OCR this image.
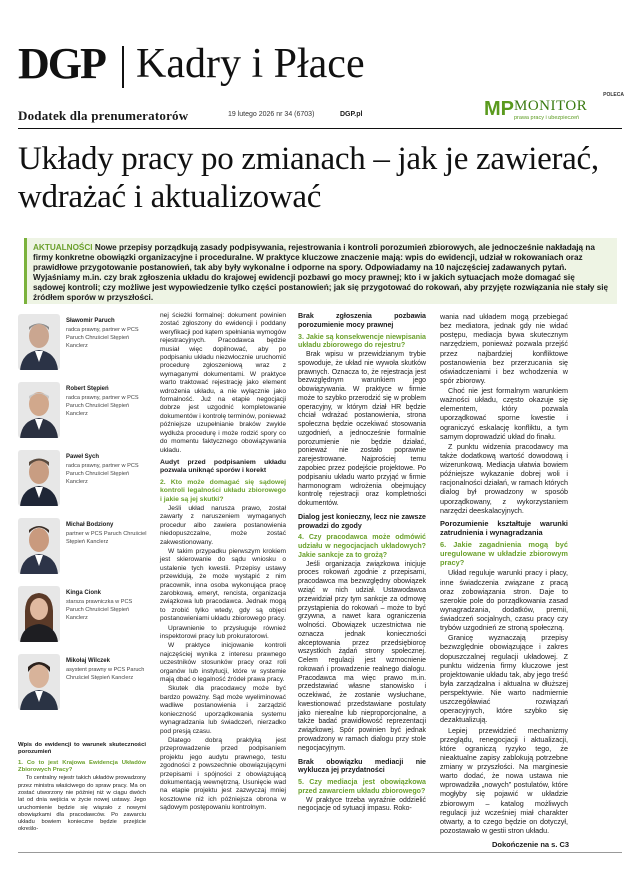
DGP Kadry i Płace
POLECA
MP MONITOR
prawa pracy i ubezpieczeń
Dodatek dla prenumeratorów	19 lutego 2026 nr 34 (6703)	DGP.pl
Układy pracy po zmianach – jak je zawierać, wdrażać i aktualizować

AKTUALNOŚCI Nowe przepisy porządkują zasady podpisywania, rejestrowania i kontroli porozumień zbiorowych, ale jednocześnie nakładają na firmy konkretne obowiązki organizacyjne i proceduralne. W praktyce kluczowe znaczenie mają: wpis do ewidencji, udział w rokowaniach oraz prawidłowe przygotowanie postanowień, tak aby były wykonalne i odporne na spory. Odpowiadamy na 10 najczęściej zadawanych pytań. Wyjaśniamy m.in. czy brak zgłoszenia układu do krajowej ewidencji pozbawi go mocy prawnej; kto i w jakich sytuacjach może domagać się sądowej kontroli; czy możliwe jest wypowiedzenie tylko części postanowień; jak się przygotować do rokowań, aby przyjęte rozwiązania nie stały się źródłem sporów w przyszłości.

Sławomir Paruch
radca prawny, partner w PCS Paruch Chruściel Stępień Kanclerz
Robert Stępień
radca prawny, partner w PCS Paruch Chruściel Stępień Kanclerz
Paweł Sych
radca prawny, partner w PCS Paruch Chruściel Stępień Kanclerz
Michał Bodziony
partner w PCS Paruch Chruściel Stępień Kanclerz
Kinga Cionk
starsza prawniczka w PCS Paruch Chruściel Stępień Kanclerz
Mikołaj Wilczek
asystent prawny w PCS Paruch Chruściel Stępień Kanclerz

Wpis do ewidencji to warunek skuteczności porozumień

1. Co to jest Krajowa Ewidencja Układów Zbiorowych Pracy?

To centralny rejestr takich układów prowadzony przez ministra właściwego do spraw pracy. Ma on zostać utworzony nie później niż w ciągu dwóch lat od dnia wejścia w życie nowej ustawy. Jego uruchomienie będzie się wiązało z nowymi obowiązkami dla pracodawców. Po zawarciu układu bowiem konieczne będzie przejście określo-

nej ścieżki formalnej: dokument powinien zostać zgłoszony do ewidencji i poddany weryfikacji pod kątem spełniania wymogów rejestracyjnych. Pracodawca będzie musiał więc dopilnować, aby po podpisaniu układu niezwłocznie uruchomić procedurę zgłoszeniową wraz z wymaganymi dokumentami. W praktyce warto traktować rejestrację jako element wdrożenia układu, a nie wyłącznie jako formalność. Już na etapie negocjacji dobrze jest uzgodnić kompletowanie dokumentów i kontrolę terminów, ponieważ późniejsze uzupełnianie braków zwykle wydłuża procedurę i może rodzić spory co do momentu faktycznego obowiązywania układu.

Audyt przed podpisaniem układu pozwala uniknąć sporów i korekt

2. Kto może domagać się sądowej kontroli legalności układu zbiorowego i jakie są jej skutki?

Jeśli układ narusza prawo, został zawarty z naruszeniem wymaganych procedur albo zawiera postanowienia niedopuszczalne, może zostać zakwestionowany.

W takim przypadku pierwszym krokiem jest skierowanie do sądu wniosku o ustalenie tych kwestii. Przepisy ustawy przewidują, że może wystąpić z nim pracownik, inna osoba wykonująca pracę zarobkową, emeryt, rencista, organizacja związkowa lub pracodawca. Jednak mogą to zrobić tylko wtedy, gdy są objęci postanowieniami układu zbiorowego pracy.

Uprawnienie to przysługuje również inspektorowi pracy lub prokuratorowi.

W praktyce inicjowanie kontroli najczęściej wynika z interesu prawnego uczestników stosunków pracy oraz roli organów lub instytucji, które w systemie mają dbać o legalność źródeł prawa pracy.

Skutek dla pracodawcy może być bardzo poważny. Sąd może wyeliminować wadliwe postanowienia i zarządzić konieczność uporządkowania systemu wynagradzania lub świadczeń, nierzadko pod presją czasu.

Dlatego dobrą praktyką jest przeprowadzenie przed podpisaniem projektu jego audytu prawnego, testu zgodności z powszechnie obowiązującymi przepisami i spójności z obowiązującą dokumentacją wewnętrzną. Usunięcie wad na etapie projektu jest zazwyczaj mniej kosztowne niż ich późniejsza obrona w sądowym postępowaniu kontrolnym.

Brak zgłoszenia pozbawia porozumienie mocy prawnej

3. Jakie są konsekwencje niewpisania układu zbiorowego do rejestru?

Brak wpisu w przewidzianym trybie spowoduje, że układ nie wywoła skutków prawnych. Oznacza to, że rejestracja jest bezwzględnym warunkiem jego obowiązywania. W praktyce w firmie może to szybko przerodzić się w problem operacyjny, w którym dział HR będzie chciał wdrażać postanowienia, strona społeczna będzie oczekiwać stosowania uzgodnień, a jednocześnie formalnie porozumienie nie będzie działać, ponieważ nie zostało poprawnie zarejestrowane. Najprościej temu zapobiec przez podejście projektowe. Po podpisaniu układu warto przyjąć w firmie harmonogram wdrożenia obejmujący kontrolę rejestracji oraz kompletności dokumentów.

Dialog jest konieczny, lecz nie zawsze prowadzi do zgody

4. Czy pracodawca może odmówić udziału w negocjacjach układowych? Jakie sankcje za to grożą?

Jeśli organizacja związkowa inicjuje proces rokowań zgodnie z przepisami, pracodawca ma bezwzględny obowiązek wziąć w nich udział. Ustawodawca przewidział przy tym sankcje za odmowę przystąpienia do rokowań – może to być grzywna, a nawet kara ograniczenia wolności. Obowiązek uczestnictwa nie oznacza jednak konieczności akceptowania przez przedsiębiorcę wszystkich żądań strony społecznej. Celem regulacji jest wzmocnienie rokowań i prowadzenie realnego dialogu. Pracodawca ma więc prawo m.in. przedstawiać własne stanowisko i oczekiwać, że zostanie wysłuchane, kwestionować przedstawiane postulaty jako nierealne lub nieproporcjonalne, a także badać prawidłowość reprezentacji związkowej. Spór powinien być jednak prowadzony w ramach dialogu przy stole negocjacyjnym.

Brak obowiązku mediacji nie wyklucza jej przydatności

5. Czy mediacja jest obowiązkowa przed zawarciem układu zbiorowego?

W praktyce trzeba wyraźnie oddzielić negocjacje od sytuacji impasu. Roko-

wania nad układem mogą przebiegać bez mediatora, jednak gdy nie widać postępu, mediacja bywa skutecznym narzędziem, ponieważ pozwala przejść przez najbardziej konfliktowe postanowienia bez przerzucania się oświadczeniami i bez wchodzenia w spór zbiorowy.

Choć nie jest formalnym warunkiem ważności układu, często okazuje się elementem, który pozwala uporządkować sporne kwestie i ograniczyć eskalację konfliktu, a tym samym doprowadzić układ do finału.

Z punktu widzenia pracodawcy ma także dodatkową wartość dowodową i wizerunkową. Mediacja ułatwia bowiem późniejsze wykazanie dobrej woli i racjonalności działań, w ramach których dialog był prowadzony w sposób uporządkowany, z wykorzystaniem narzędzi deeskalacyjnych.

Porozumienie kształtuje warunki zatrudnienia i wynagradzania

6. Jakie zagadnienia mogą być uregulowane w układzie zbiorowym pracy?

Układ reguluje warunki pracy i płacy, inne świadczenia związane z pracą oraz zobowiązania stron. Daje to szerokie pole do porządkowania zasad wynagradzania, dodatków, premii, świadczeń socjalnych, czasu pracy czy trybów uzgodnień ze stroną społeczną.

Granicę wyznaczają przepisy bezwzględnie obowiązujące i zakres dopuszczalnej regulacji układowej. Z punktu widzenia firmy kluczowe jest projektowanie układu tak, aby jego treść była zarządzalna i aktualna w dłuższej perspektywie. Nie warto nadmiernie uszczegóławiać rozwiązań operacyjnych, które szybko się dezaktualizują.

Lepiej przewidzieć mechanizmy przeglądu, renegocjacji i aktualizacji, które ograniczą ryzyko tego, że nieaktualne zapisy zablokują potrzebne zmiany w przyszłości. Na marginesie warto dodać, że nowa ustawa nie wprowadziła „nowych” postulatów, które mogłyby się pojawić w układzie zbiorowym – katalog możliwych regulacji już wcześniej miał charakter otwarty, a to czego będzie on dotyczył, pozostawało w gestii stron układu.

Dokończenie na s. C3
